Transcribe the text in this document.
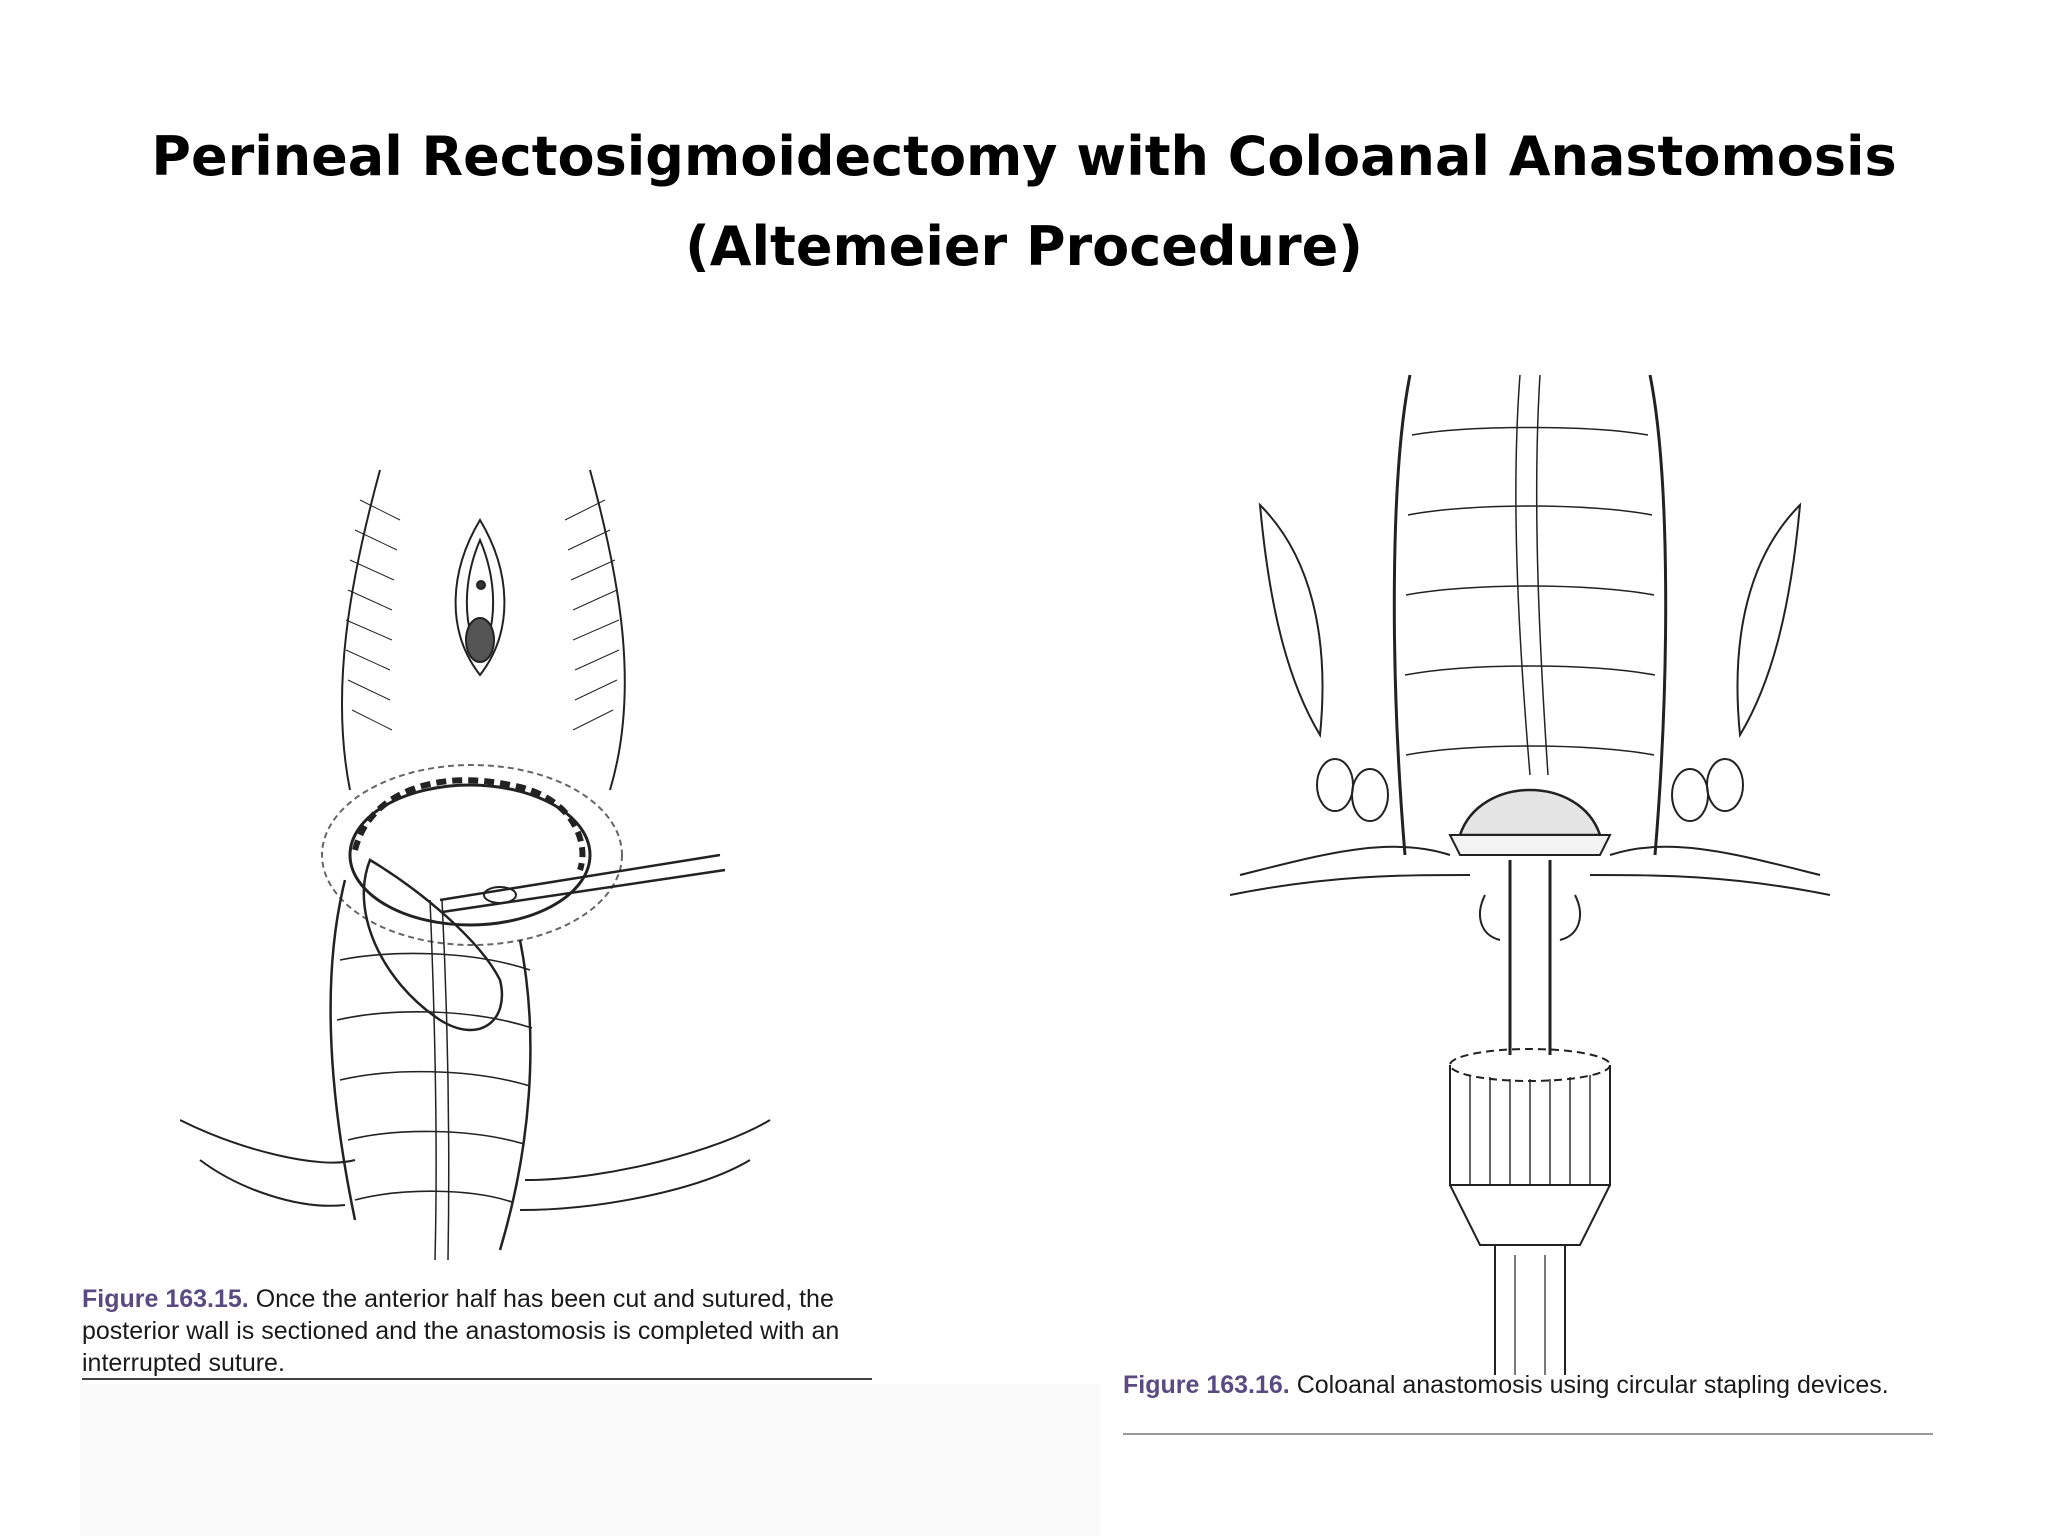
Perineal Rectosigmoidectomy with Coloanal Anastomosis
(Altemeier Procedure)
Figure 163.15. Once the anterior half has been cut and sutured, the posterior wall is sectioned and the anastomosis is completed with an interrupted suture.
Figure 163.16. Coloanal anastomosis using circular stapling devices.
